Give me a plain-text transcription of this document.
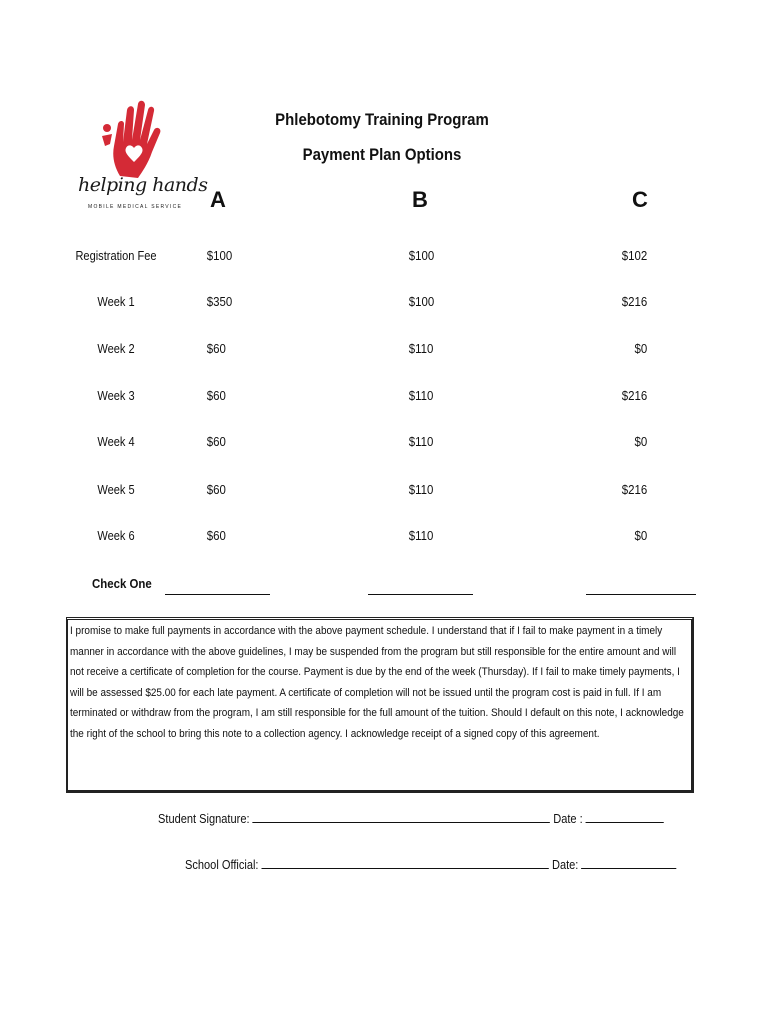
helping hands
MOBILE MEDICAL SERVICE
Phlebotomy Training Program
Payment Plan Options
A	B	C
Registration Fee	$100	$100	$102
Week 1	$350	$100	$216
Week 2	$60	$110	$0
Week 3	$60	$110	$216
Week 4	$60	$110	$0
Week 5	$60	$110	$216
Week 6	$60	$110	$0
Check One
I promise to make full payments in accordance with the above payment schedule. I understand that if I fail to make payment in a timely manner in accordance with the above guidelines, I may be suspended from the program but still responsible for the entire amount and will not receive a certificate of completion for the course. Payment is due by the end of the week (Thursday). If I fail to make timely payments, I will be assessed $25.00 for each late payment. A certificate of completion will not be issued until the program cost is paid in full. If I am terminated or withdraw from the program, I am still responsible for the full amount of the tuition. Should I default on this note, I acknowledge the right of the school to bring this note to a collection agency. I acknowledge receipt of a signed copy of this agreement.
Student Signature:	Date :
School Official:	Date:
